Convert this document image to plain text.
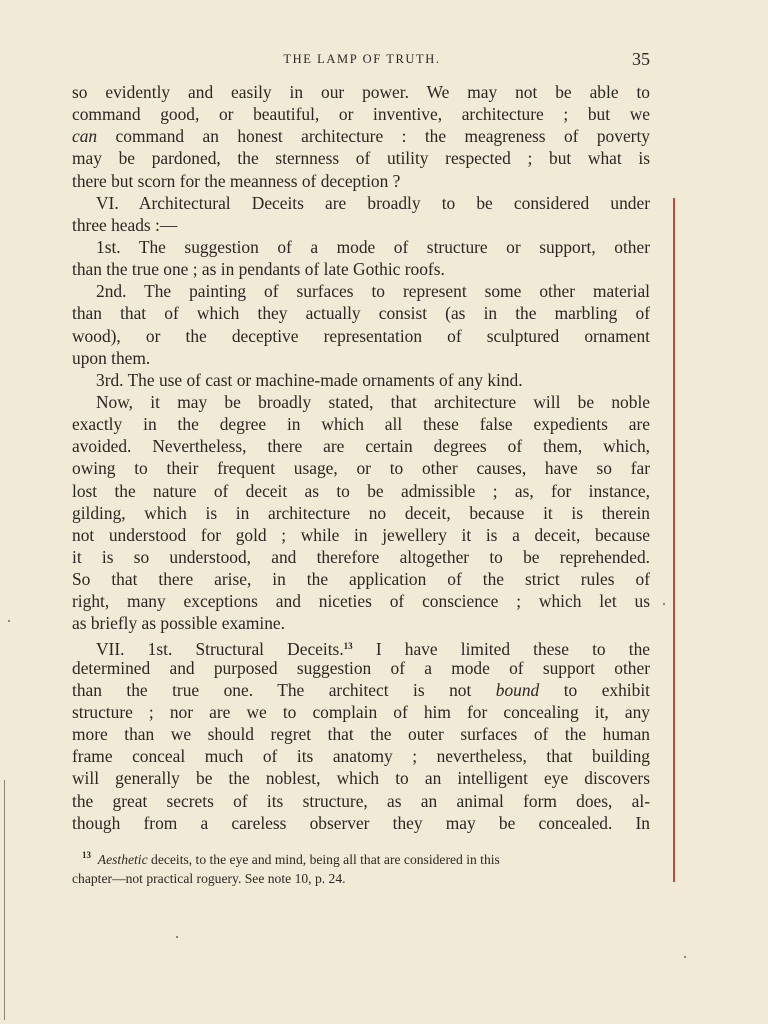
THE LAMP OF TRUTH.	35
so evidently and easily in our power. We may not be able to
command good, or beautiful, or inventive, architecture ; but we
can command an honest architecture : the meagreness of poverty
may be pardoned, the sternness of utility respected ; but what is
there but scorn for the meanness of deception ?
VI. Architectural Deceits are broadly to be considered under
three heads :—
1st. The suggestion of a mode of structure or support, other
than the true one ; as in pendants of late Gothic roofs.
2nd. The painting of surfaces to represent some other material
than that of which they actually consist (as in the marbling of
wood), or the deceptive representation of sculptured ornament
upon them.
3rd. The use of cast or machine-made ornaments of any kind.
Now, it may be broadly stated, that architecture will be noble
exactly in the degree in which all these false expedients are
avoided. Nevertheless, there are certain degrees of them, which,
owing to their frequent usage, or to other causes, have so far
lost the nature of deceit as to be admissible ; as, for instance,
gilding, which is in architecture no deceit, because it is therein
not understood for gold ; while in jewellery it is a deceit, because
it is so understood, and therefore altogether to be reprehended.
So that there arise, in the application of the strict rules of
right, many exceptions and niceties of conscience ; which let us
as briefly as possible examine.
VII. 1st. Structural Deceits.$^{13}$ I have limited these to the
determined and purposed suggestion of a mode of support other
than the true one. The architect is not bound to exhibit
structure ; nor are we to complain of him for concealing it, any
more than we should regret that the outer surfaces of the human
frame conceal much of its anatomy ; nevertheless, that building
will generally be the noblest, which to an intelligent eye discovers
the great secrets of its structure, as an animal form does, al-
though from a careless observer they may be concealed. In
$^{13}$ Aesthetic deceits, to the eye and mind, being all that are considered in this
chapter—not practical roguery. See note 10, p. 24.
